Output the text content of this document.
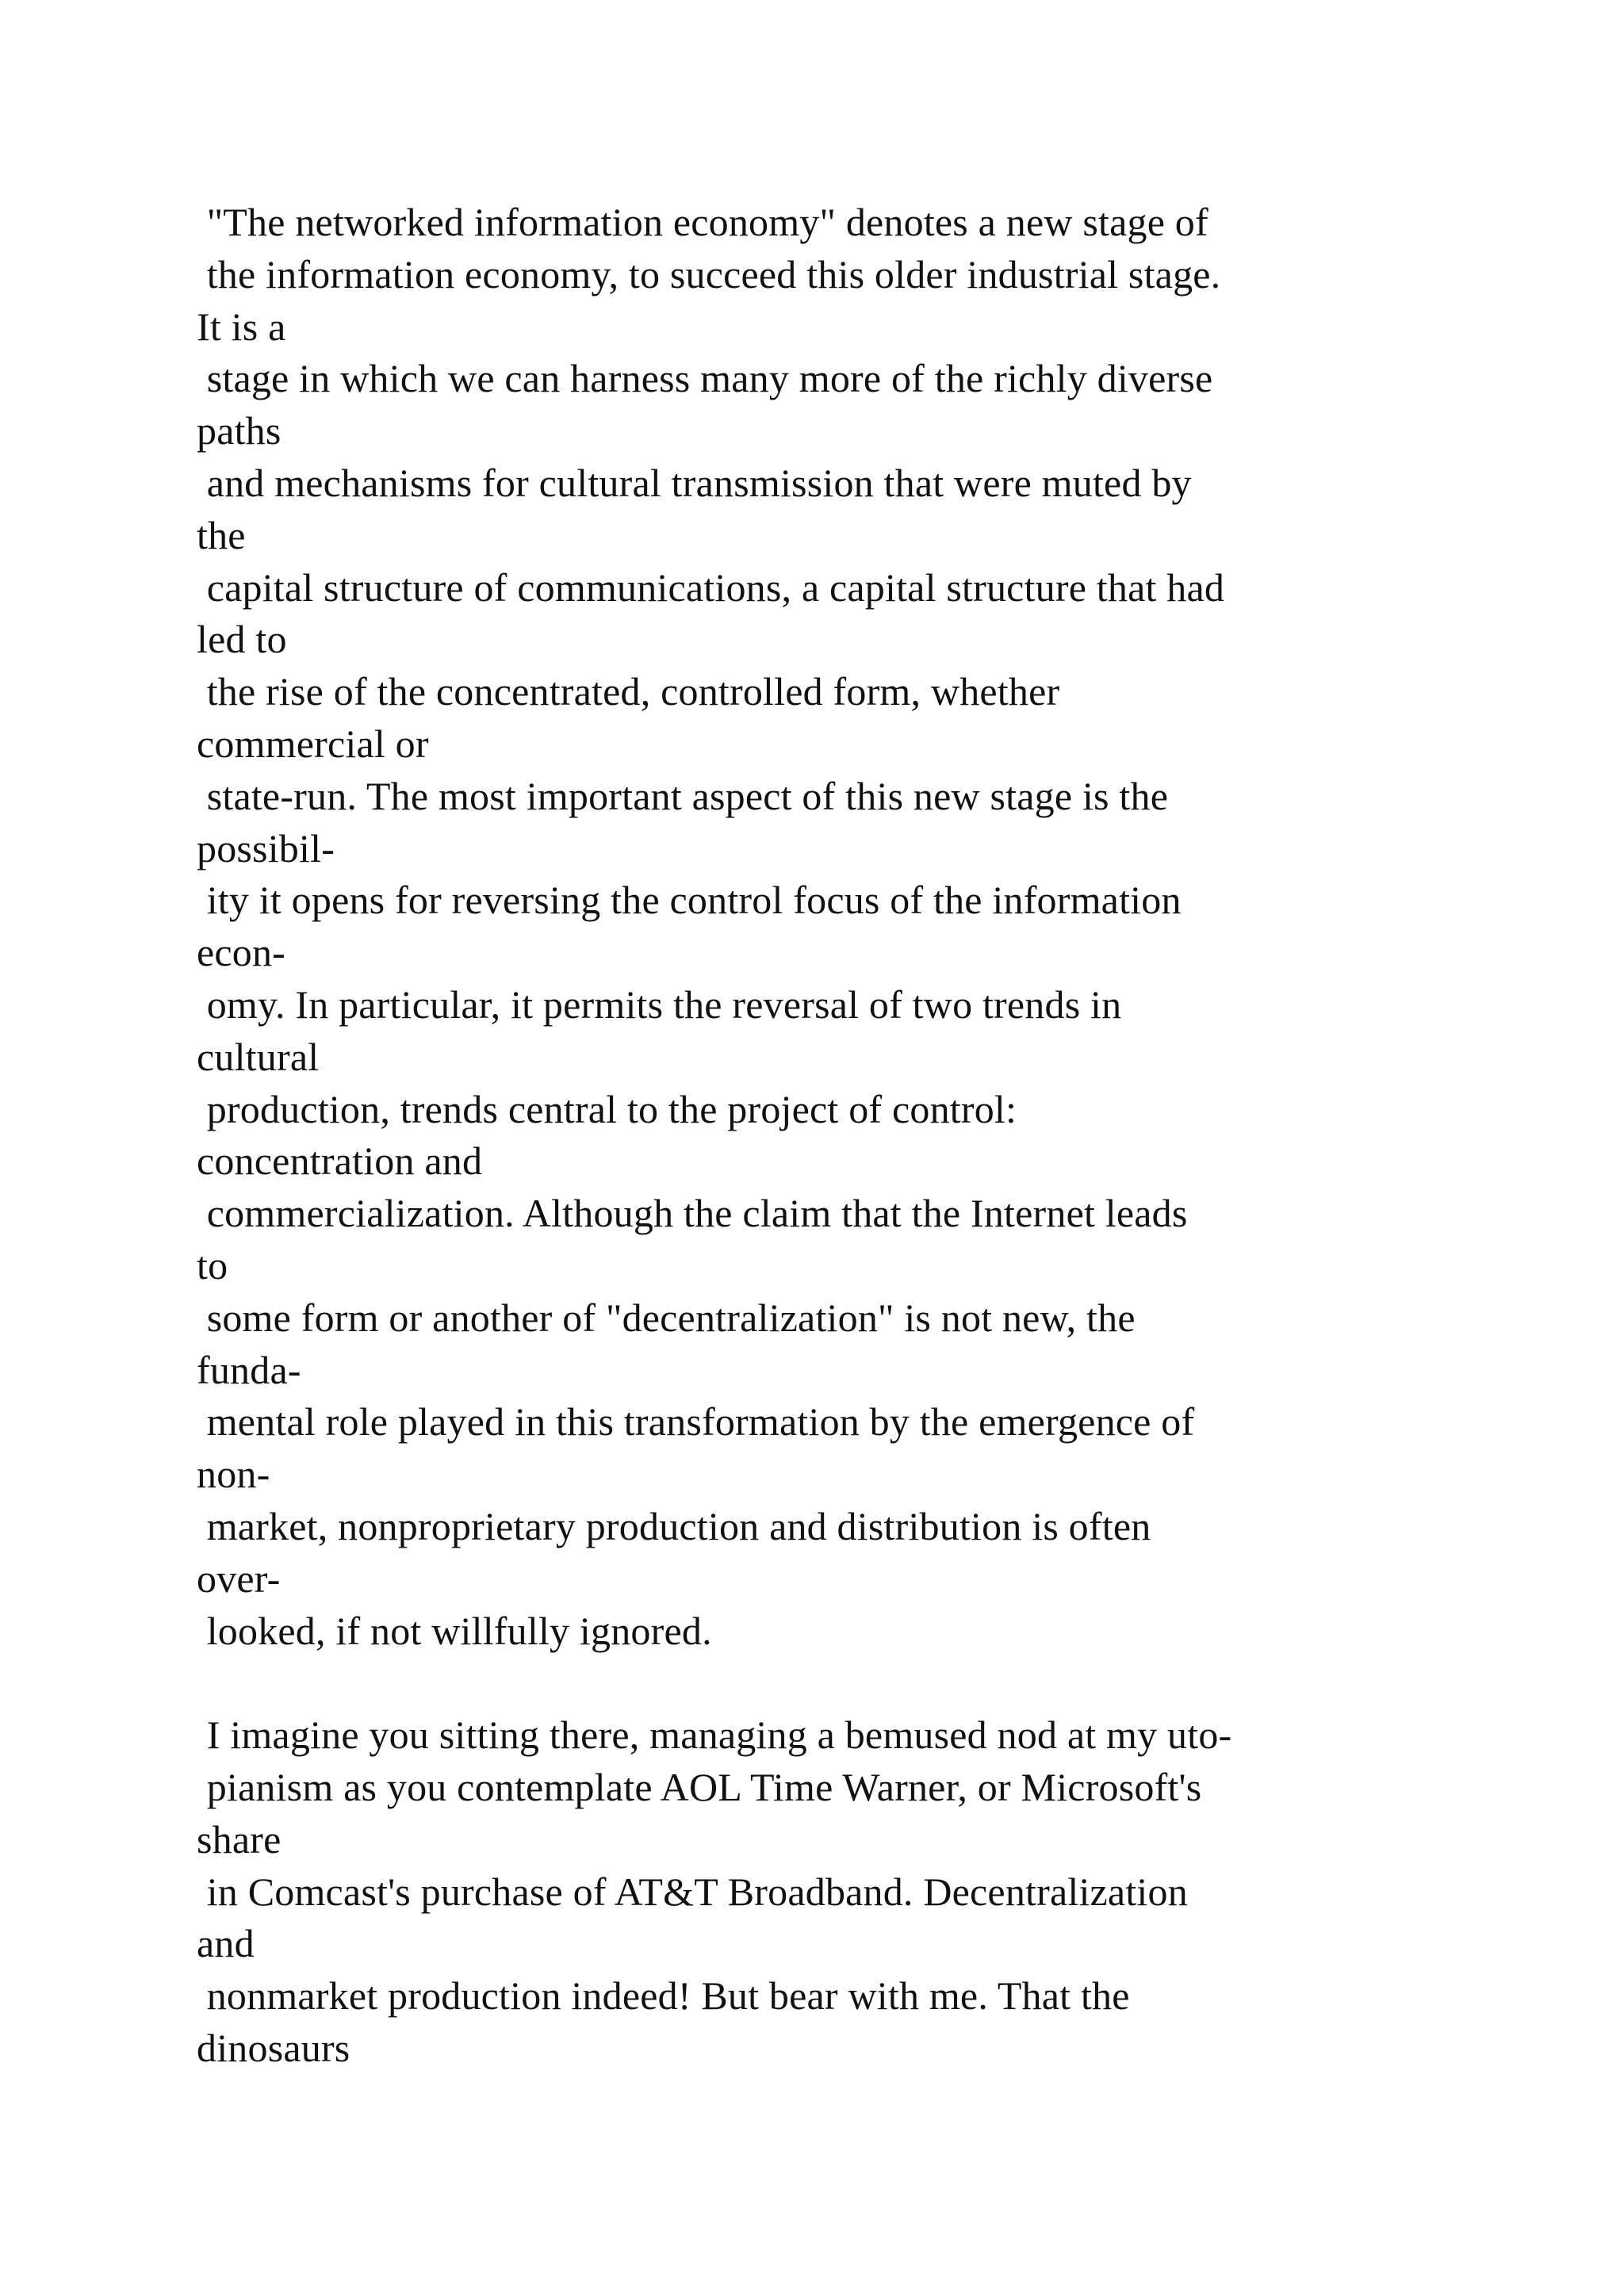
"The networked information economy" denotes a new stage of
the information economy, to succeed this older industrial stage.
It is a
stage in which we can harness many more of the richly diverse
paths
and mechanisms for cultural transmission that were muted by
the
capital structure of communications, a capital structure that had
led to
the rise of the concentrated, controlled form, whether
commercial or
state-run. The most important aspect of this new stage is the
possibil-
ity it opens for reversing the control focus of the information
econ-
omy. In particular, it permits the reversal of two trends in
cultural
production, trends central to the project of control:
concentration and
commercialization. Although the claim that the Internet leads
to
some form or another of "decentralization" is not new, the
funda-
mental role played in this transformation by the emergence of
non-
market, nonproprietary production and distribution is often
over-
looked, if not willfully ignored.

I imagine you sitting there, managing a bemused nod at my uto-
pianism as you contemplate AOL Time Warner, or Microsoft's
share
in Comcast's purchase of AT&T Broadband. Decentralization
and
nonmarket production indeed! But bear with me. That the
dinosaurs
